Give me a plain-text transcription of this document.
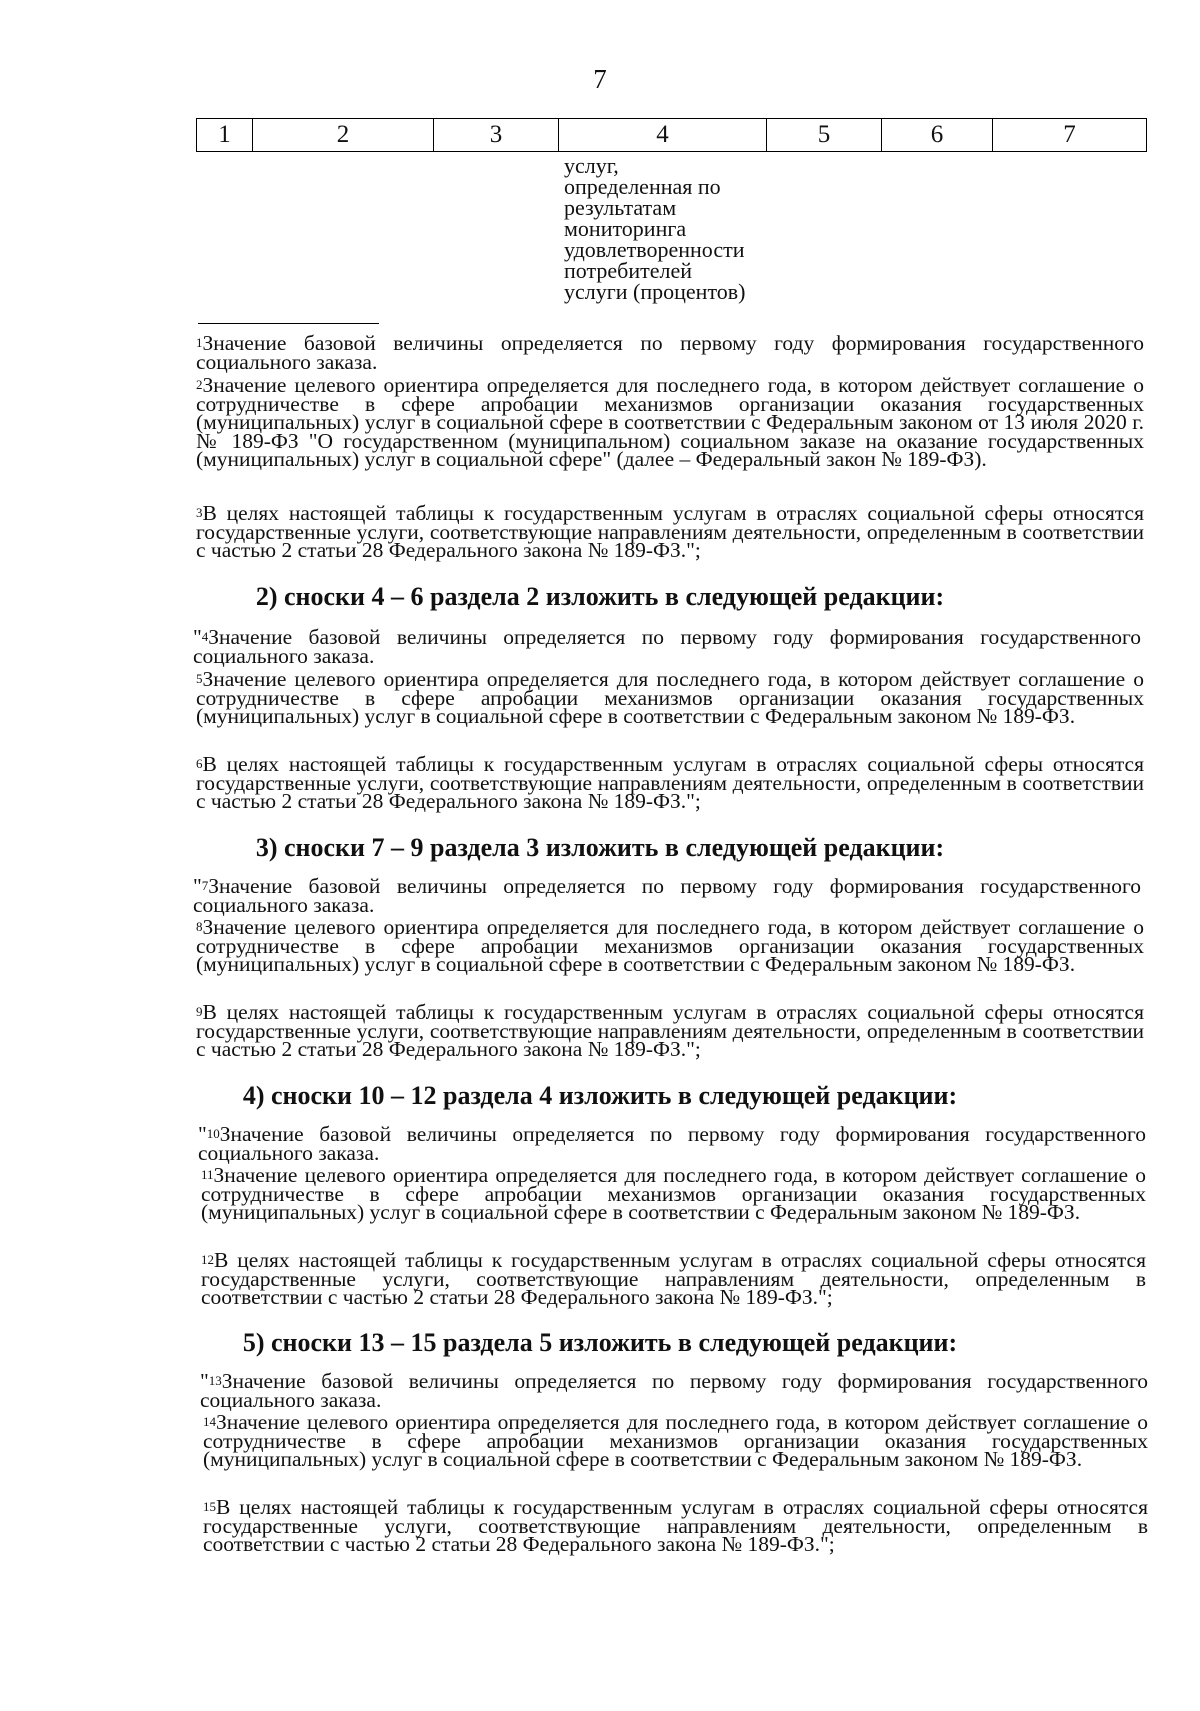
7
1	2	3	4	5	6	7
услуг,
определенная по
результатам
мониторинга
удовлетворенности
потребителей
услуги (процентов)

$^1$Значение базовой величины определяется по первому году формирования государственного социального заказа.

$^2$Значение целевого ориентира определяется для последнего года, в котором действует соглашение о сотрудничестве в сфере апробации механизмов организации оказания государственных (муниципальных) услуг в социальной сфере в соответствии с Федеральным законом от 13 июля 2020 г. № 189-ФЗ "О государственном (муниципальном) социальном заказе на оказание государственных (муниципальных) услуг в социальной сфере" (далее – Федеральный закон № 189-ФЗ).

$^3$В целях настоящей таблицы к государственным услугам в отраслях социальной сферы относятся государственные услуги, соответствующие направлениям деятельности, определенным в соответствии с частью 2 статьи 28 Федерального закона № 189-ФЗ.";

2) сноски 4 – 6 раздела 2 изложить в следующей редакции:

"$^4$Значение базовой величины определяется по первому году формирования государственного социального заказа.

$^5$Значение целевого ориентира определяется для последнего года, в котором действует соглашение о сотрудничестве в сфере апробации механизмов организации оказания государственных (муниципальных) услуг в социальной сфере в соответствии с Федеральным законом № 189-ФЗ.

$^6$В целях настоящей таблицы к государственным услугам в отраслях социальной сферы относятся государственные услуги, соответствующие направлениям деятельности, определенным в соответствии с частью 2 статьи 28 Федерального закона № 189-ФЗ.";

3) сноски 7 – 9 раздела 3 изложить в следующей редакции:

"$^7$Значение базовой величины определяется по первому году формирования государственного социального заказа.

$^8$Значение целевого ориентира определяется для последнего года, в котором действует соглашение о сотрудничестве в сфере апробации механизмов организации оказания государственных (муниципальных) услуг в социальной сфере в соответствии с Федеральным законом № 189-ФЗ.

$^9$В целях настоящей таблицы к государственным услугам в отраслях социальной сферы относятся государственные услуги, соответствующие направлениям деятельности, определенным в соответствии с частью 2 статьи 28 Федерального закона № 189-ФЗ.";

4) сноски 10 – 12 раздела 4 изложить в следующей редакции:

"$^{10}$Значение базовой величины определяется по первому году формирования государственного социального заказа.

$^{11}$Значение целевого ориентира определяется для последнего года, в котором действует соглашение о сотрудничестве в сфере апробации механизмов организации оказания государственных (муниципальных) услуг в социальной сфере в соответствии с Федеральным законом № 189-ФЗ.

$^{12}$В целях настоящей таблицы к государственным услугам в отраслях социальной сферы относятся государственные услуги, соответствующие направлениям деятельности, определенным в соответствии с частью 2 статьи 28 Федерального закона № 189-ФЗ.";

5) сноски 13 – 15 раздела 5 изложить в следующей редакции:

"$^{13}$Значение базовой величины определяется по первому году формирования государственного социального заказа.

$^{14}$Значение целевого ориентира определяется для последнего года, в котором действует соглашение о сотрудничестве в сфере апробации механизмов организации оказания государственных (муниципальных) услуг в социальной сфере в соответствии с Федеральным законом № 189-ФЗ.

$^{15}$В целях настоящей таблицы к государственным услугам в отраслях социальной сферы относятся государственные услуги, соответствующие направлениям деятельности, определенным в соответствии с частью 2 статьи 28 Федерального закона № 189-ФЗ.";
